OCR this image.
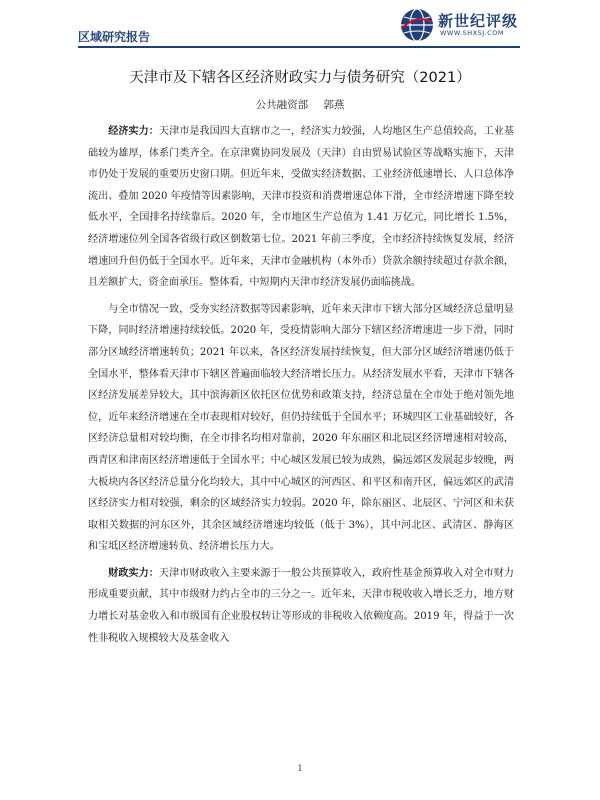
区域研究报告
新世纪评级
WWW.SHXSJ.COM
天津市及下辖各区经济财政实力与债务研究（2021）
公共融资部 郭燕

经济实力：天津市是我国四大直辖市之一，经济实力较强，人均地区生产总值较高，工业基础较为雄厚，体系门类齐全。在京津冀协同发展及（天津）自由贸易试验区等战略实施下，天津市仍处于发展的重要历史窗口期。但近年来，受做实经济数据、工业经济低速增长、人口总体净流出、叠加 2020 年疫情等因素影响，天津市投资和消费增速总体下滑，全市经济增速下降至较低水平，全国排名持续靠后。2020 年，全市地区生产总值为 1.41 万亿元，同比增长 1.5%，经济增速位列全国各省级行政区倒数第七位。2021 年前三季度，全市经济持续恢复发展，经济增速回升但仍低于全国水平。近年来，天津市金融机构（本外币）贷款余额持续超过存款余额，且差额扩大，资金面承压。整体看，中短期内天津市经济发展仍面临挑战。

与全市情况一致，受夯实经济数据等因素影响，近年来天津市下辖大部分区域经济总量明显下降，同时经济增速持续较低。2020 年，受疫情影响大部分下辖区经济增速进一步下滑，同时部分区域经济增速转负；2021 年以来，各区经济发展持续恢复，但大部分区域经济增速仍低于全国水平，整体看天津市下辖区普遍面临较大经济增长压力。从经济发展水平看，天津市下辖各区经济发展差异较大，其中滨海新区依托区位优势和政策支持，经济总量在全市处于绝对领先地位，近年来经济增速在全市表现相对较好，但仍持续低于全国水平；环城四区工业基础较好，各区经济总量相对较均衡，在全市排名均相对靠前，2020 年东丽区和北辰区经济增速相对较高，西青区和津南区经济增速低于全国水平；中心城区发展已较为成熟，偏远郊区发展起步较晚，两大板块内各区经济总量分化均较大，其中中心城区的河西区、和平区和南开区，偏远郊区的武清区经济实力相对较强，剩余的区域经济实力较弱。2020 年，除东丽区、北辰区、宁河区和未获取相关数据的河东区外，其余区域经济增速均较低（低于 3%），其中河北区、武清区、静海区和宝坻区经济增速转负、经济增长压力大。

财政实力：天津市财政收入主要来源于一般公共预算收入，政府性基金预算收入对全市财力形成重要贡献，其中市级财力约占全市的三分之一。近年来，天津市税收收入增长乏力，地方财力增长对基金收入和市级国有企业股权转让等形成的非税收入依赖度高。2019 年，得益于一次性非税收入规模较大及基金收入

1
